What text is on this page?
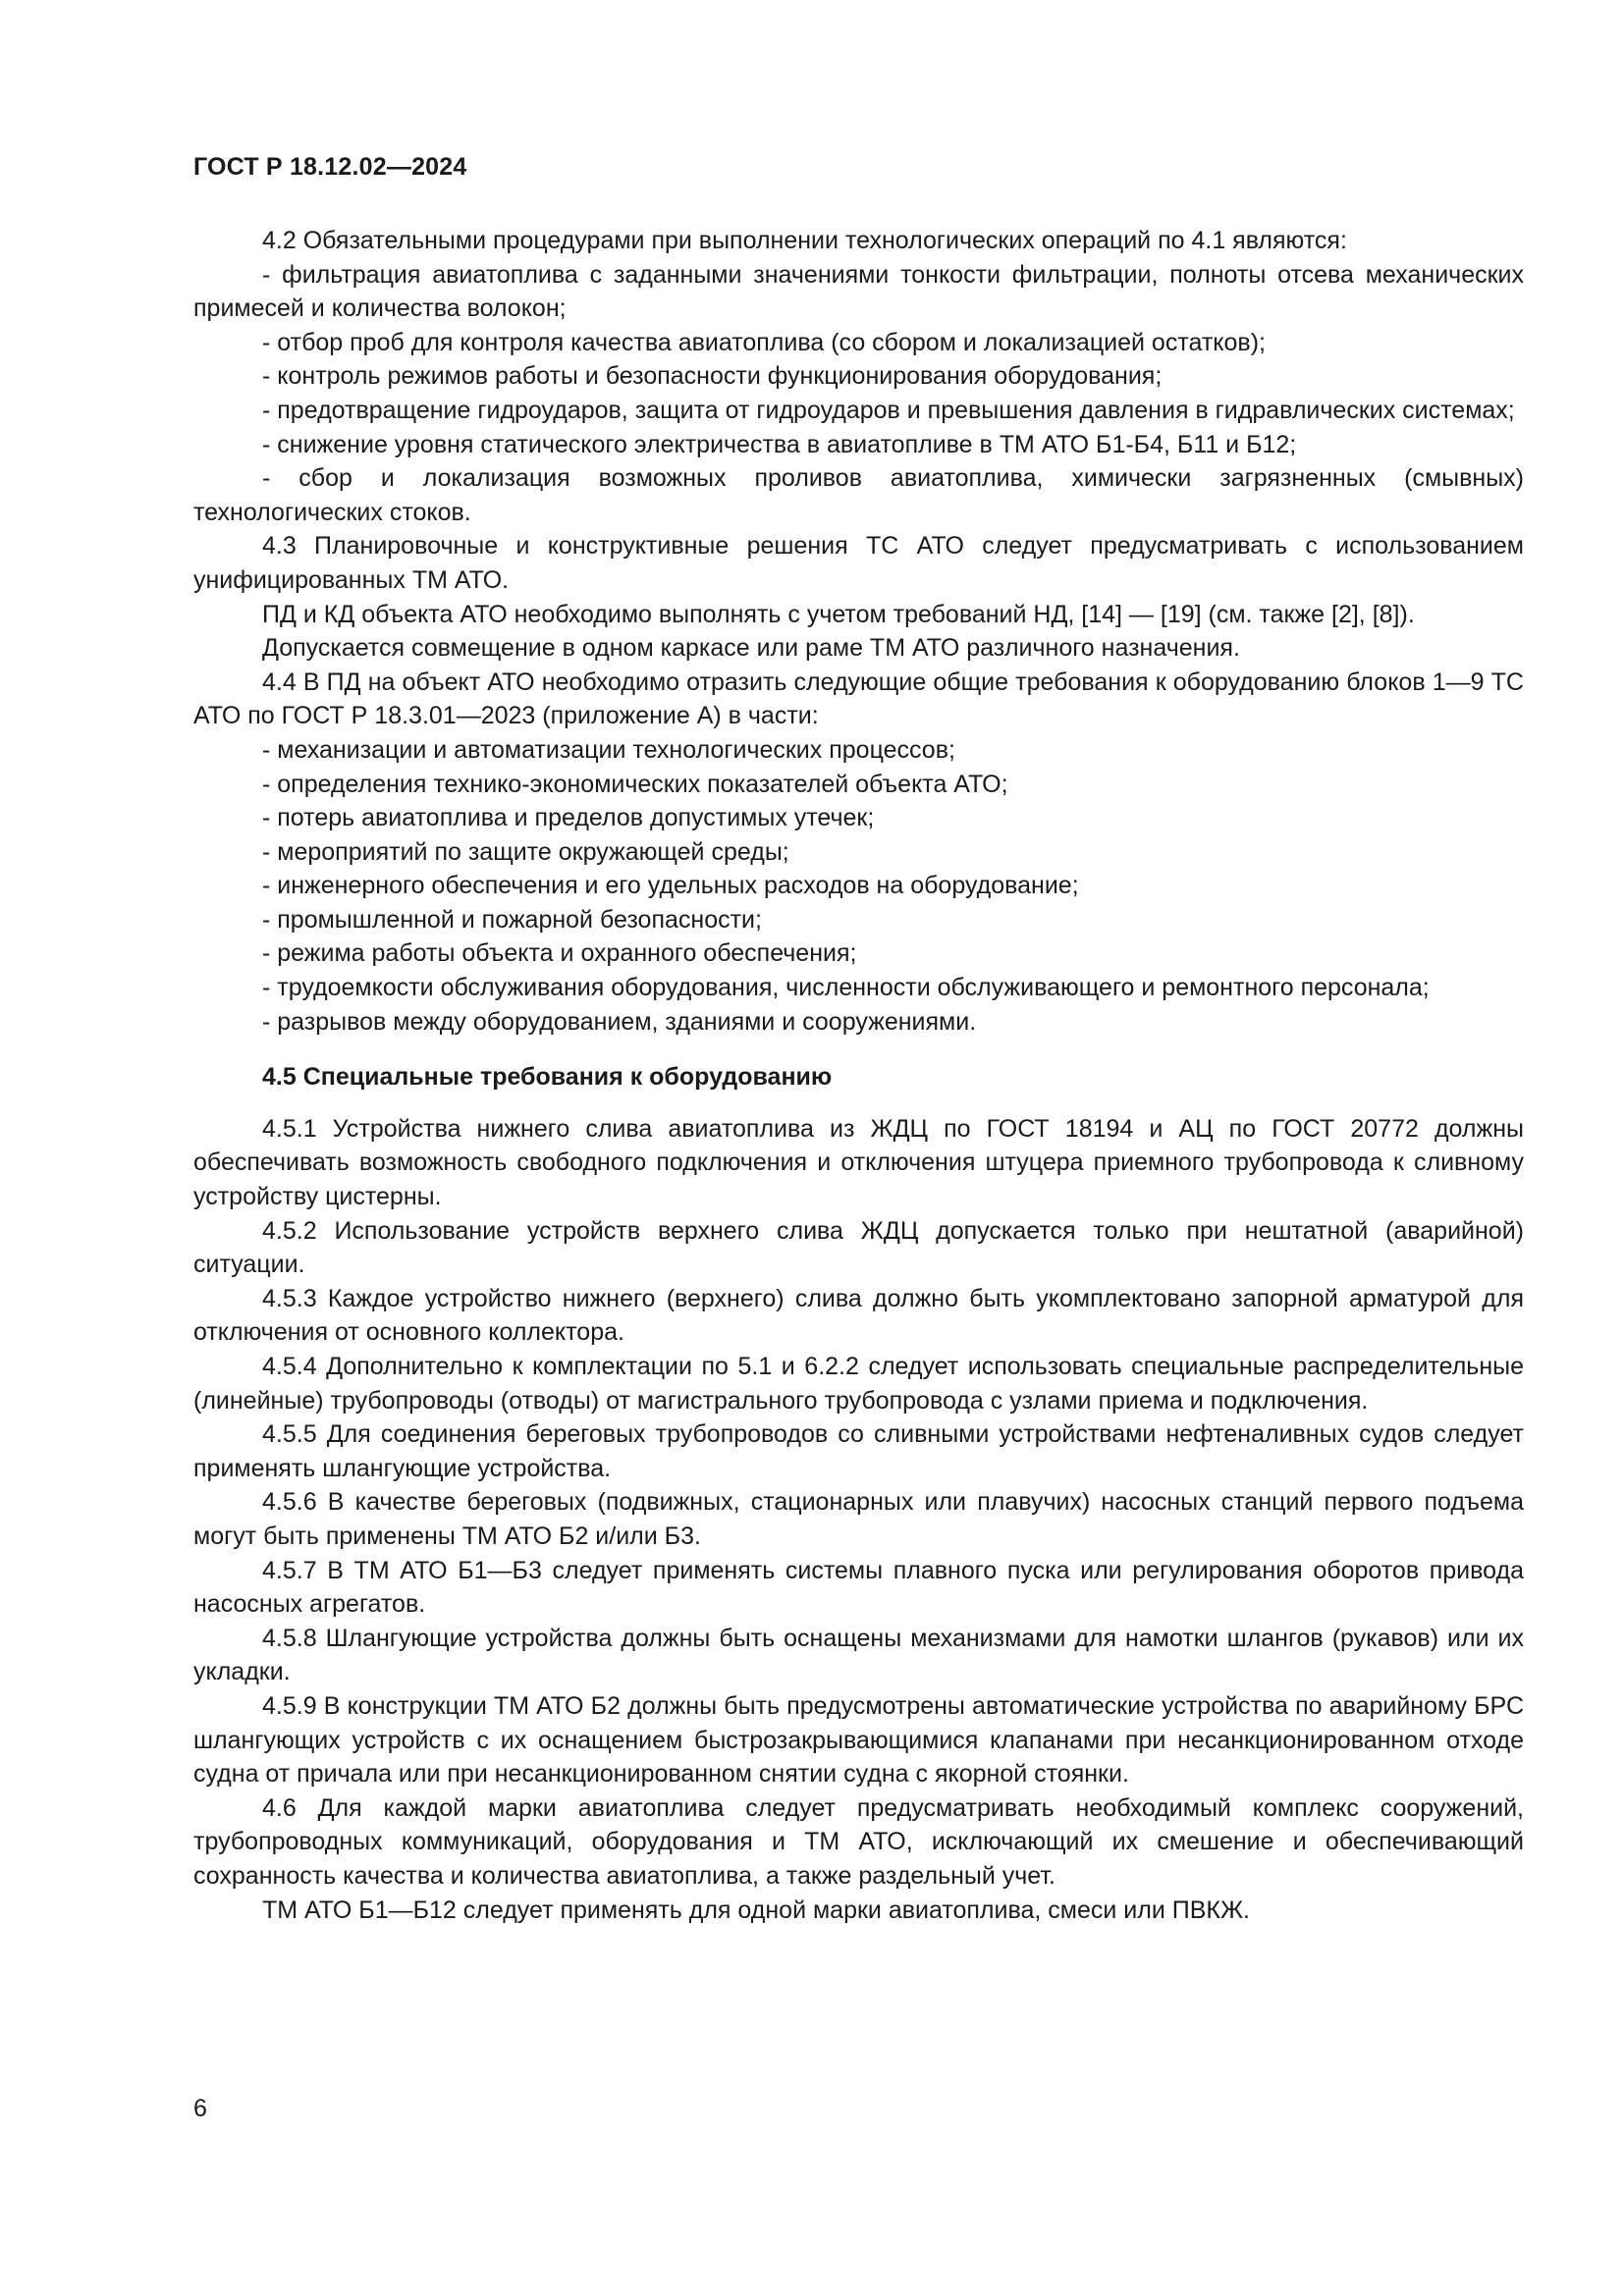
ГОСТ Р 18.12.02—2024

4.2 Обязательными процедурами при выполнении технологических операций по 4.1 являются:

- фильтрация авиатоплива с заданными значениями тонкости фильтрации, полноты отсева механических примесей и количества волокон;

- отбор проб для контроля качества авиатоплива (со сбором и локализацией остатков);

- контроль режимов работы и безопасности функционирования оборудования;

- предотвращение гидроударов, защита от гидроударов и превышения давления в гидравлических системах;

- снижение уровня статического электричества в авиатопливе в ТМ АТО Б1-Б4, Б11 и Б12;

- сбор и локализация возможных проливов авиатоплива, химически загрязненных (смывных) технологических стоков.

4.3 Планировочные и конструктивные решения ТС АТО следует предусматривать с использованием унифицированных ТМ АТО.

ПД и КД объекта АТО необходимо выполнять с учетом требований НД, [14] — [19] (см. также [2], [8]).

Допускается совмещение в одном каркасе или раме ТМ АТО различного назначения.

4.4 В ПД на объект АТО необходимо отразить следующие общие требования к оборудованию блоков 1—9 ТС АТО по ГОСТ Р 18.3.01—2023 (приложение А) в части:

- механизации и автоматизации технологических процессов;

- определения технико-экономических показателей объекта АТО;

- потерь авиатоплива и пределов допустимых утечек;

- мероприятий по защите окружающей среды;

- инженерного обеспечения и его удельных расходов на оборудование;

- промышленной и пожарной безопасности;

- режима работы объекта и охранного обеспечения;

- трудоемкости обслуживания оборудования, численности обслуживающего и ремонтного персонала;

- разрывов между оборудованием, зданиями и сооружениями.

4.5 Специальные требования к оборудованию

4.5.1 Устройства нижнего слива авиатоплива из ЖДЦ по ГОСТ 18194 и АЦ по ГОСТ 20772 должны обеспечивать возможность свободного подключения и отключения штуцера приемного трубопровода к сливному устройству цистерны.

4.5.2 Использование устройств верхнего слива ЖДЦ допускается только при нештатной (аварийной) ситуации.

4.5.3 Каждое устройство нижнего (верхнего) слива должно быть укомплектовано запорной арматурой для отключения от основного коллектора.

4.5.4 Дополнительно к комплектации по 5.1 и 6.2.2 следует использовать специальные распределительные (линейные) трубопроводы (отводы) от магистрального трубопровода с узлами приема и подключения.

4.5.5 Для соединения береговых трубопроводов со сливными устройствами нефтеналивных судов следует применять шлангующие устройства.

4.5.6 В качестве береговых (подвижных, стационарных или плавучих) насосных станций первого подъема могут быть применены ТМ АТО Б2 и/или Б3.

4.5.7 В ТМ АТО Б1—Б3 следует применять системы плавного пуска или регулирования оборотов привода насосных агрегатов.

4.5.8 Шлангующие устройства должны быть оснащены механизмами для намотки шлангов (рукавов) или их укладки.

4.5.9 В конструкции ТМ АТО Б2 должны быть предусмотрены автоматические устройства по аварийному БРС шлангующих устройств с их оснащением быстрозакрывающимися клапанами при несанкционированном отходе судна от причала или при несанкционированном снятии судна с якорной стоянки.

4.6 Для каждой марки авиатоплива следует предусматривать необходимый комплекс сооружений, трубопроводных коммуникаций, оборудования и ТМ АТО, исключающий их смешение и обеспечивающий сохранность качества и количества авиатоплива, а также раздельный учет.

ТМ АТО Б1—Б12 следует применять для одной марки авиатоплива, смеси или ПВКЖ.

6
